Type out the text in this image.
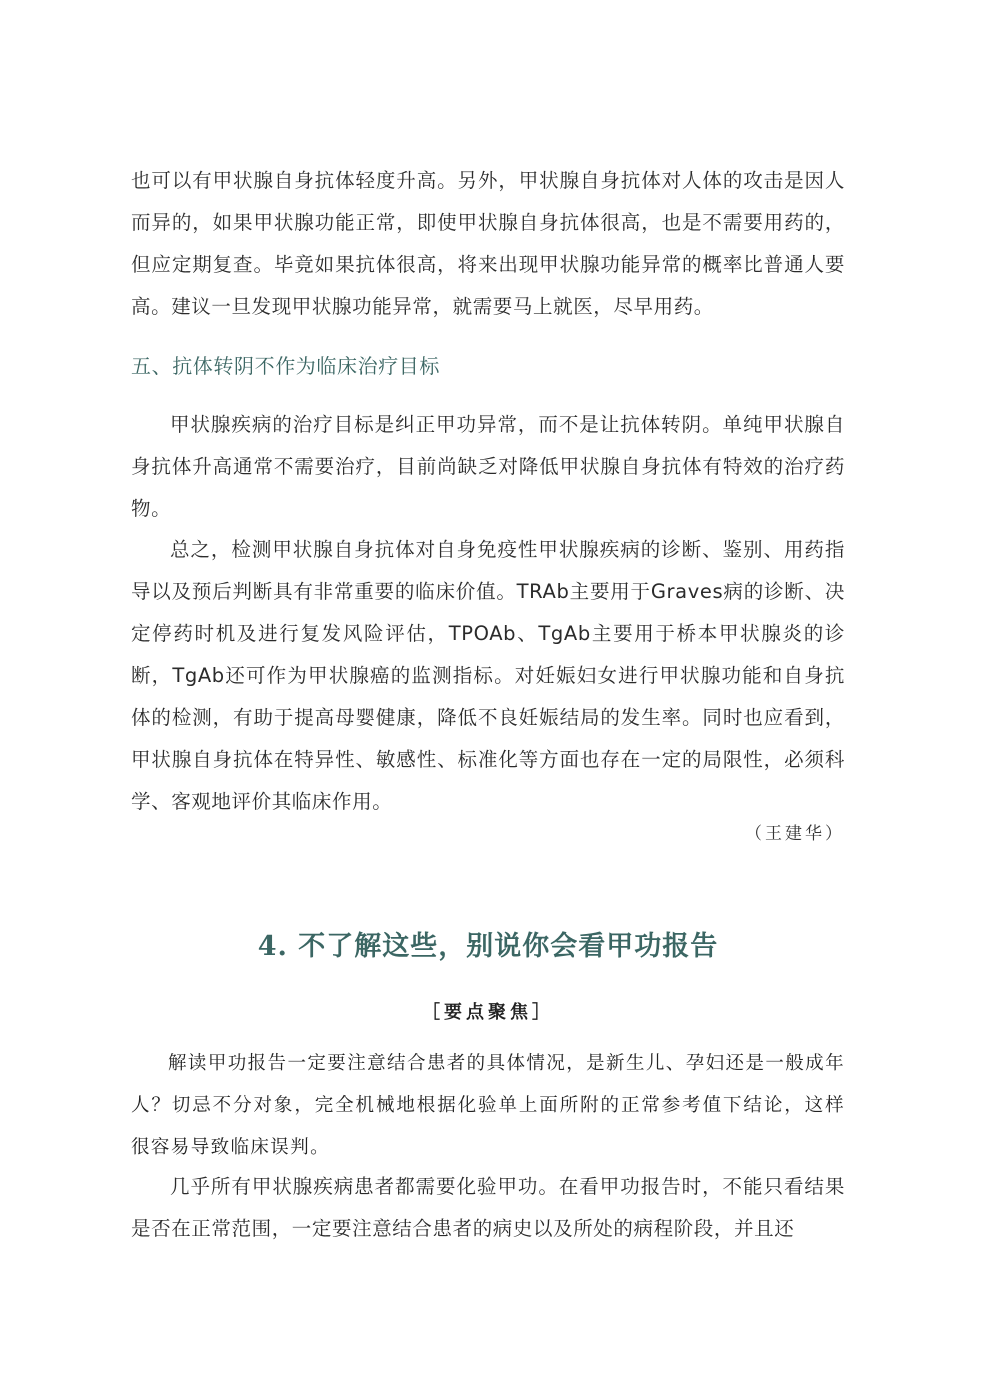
也可以有甲状腺自身抗体轻度升高。另外，甲状腺自身抗体对人体的攻击是因人而异的，如果甲状腺功能正常，即使甲状腺自身抗体很高，也是不需要用药的，但应定期复查。毕竟如果抗体很高，将来出现甲状腺功能异常的概率比普通人要高。建议一旦发现甲状腺功能异常，就需要马上就医，尽早用药。

五、抗体转阴不作为临床治疗目标

甲状腺疾病的治疗目标是纠正甲功异常，而不是让抗体转阴。单纯甲状腺自身抗体升高通常不需要治疗，目前尚缺乏对降低甲状腺自身抗体有特效的治疗药物。

总之，检测甲状腺自身抗体对自身免疫性甲状腺疾病的诊断、鉴别、用药指导以及预后判断具有非常重要的临床价值。TRAb主要用于Graves病的诊断、决定停药时机及进行复发风险评估，TPOAb、TgAb主要用于桥本甲状腺炎的诊断，TgAb还可作为甲状腺癌的监测指标。对妊娠妇女进行甲状腺功能和自身抗体的检测，有助于提高母婴健康，降低不良妊娠结局的发生率。同时也应看到，甲状腺自身抗体在特异性、敏感性、标准化等方面也存在一定的局限性，必须科学、客观地评价其临床作用。

（王建华）

4. 不了解这些，别说你会看甲功报告

［要点聚焦］

解读甲功报告一定要注意结合患者的具体情况，是新生儿、孕妇还是一般成年人？切忌不分对象，完全机械地根据化验单上面所附的正常参考值下结论，这样很容易导致临床误判。

几乎所有甲状腺疾病患者都需要化验甲功。在看甲功报告时，不能只看结果是否在正常范围，一定要注意结合患者的病史以及所处的病程阶段，并且还
